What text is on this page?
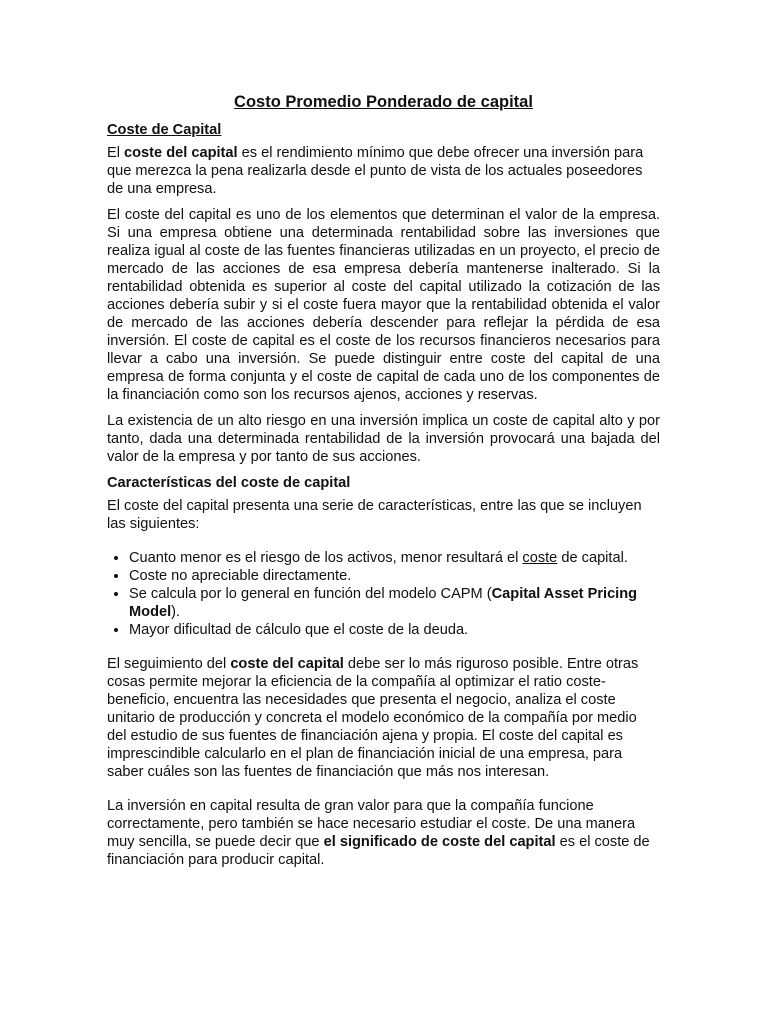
Costo Promedio Ponderado de capital
Coste de Capital

El coste del capital es el rendimiento mínimo que debe ofrecer una inversión para que merezca la pena realizarla desde el punto de vista de los actuales poseedores de una empresa.

El coste del capital es uno de los elementos que determinan el valor de la empresa. Si una empresa obtiene una determinada rentabilidad sobre las inversiones que realiza igual al coste de las fuentes financieras utilizadas en un proyecto, el precio de mercado de las acciones de esa empresa debería mantenerse inalterado. Si la rentabilidad obtenida es superior al coste del capital utilizado la cotización de las acciones debería subir y si el coste fuera mayor que la rentabilidad obtenida el valor de mercado de las acciones debería descender para reflejar la pérdida de esa inversión. El coste de capital es el coste de los recursos financieros necesarios para llevar a cabo una inversión. Se puede distinguir entre coste del capital de una empresa de forma conjunta y el coste de capital de cada uno de los componentes de la financiación como son los recursos ajenos, acciones y reservas.

La existencia de un alto riesgo en una inversión implica un coste de capital alto y por tanto, dada una determinada rentabilidad de la inversión provocará una bajada del valor de la empresa y por tanto de sus acciones.

Características del coste de capital

El coste del capital presenta una serie de características, entre las que se incluyen las siguientes:

• Cuanto menor es el riesgo de los activos, menor resultará el coste de capital.
• Coste no apreciable directamente.
• Se calcula por lo general en función del modelo CAPM (Capital Asset Pricing Model).
• Mayor dificultad de cálculo que el coste de la deuda.

El seguimiento del coste del capital debe ser lo más riguroso posible. Entre otras cosas permite mejorar la eficiencia de la compañía al optimizar el ratio coste-beneficio, encuentra las necesidades que presenta el negocio, analiza el coste unitario de producción y concreta el modelo económico de la compañía por medio del estudio de sus fuentes de financiación ajena y propia. El coste del capital es imprescindible calcularlo en el plan de financiación inicial de una empresa, para saber cuáles son las fuentes de financiación que más nos interesan.

La inversión en capital resulta de gran valor para que la compañía funcione correctamente, pero también se hace necesario estudiar el coste. De una manera muy sencilla, se puede decir que el significado de coste del capital es el coste de financiación para producir capital.
